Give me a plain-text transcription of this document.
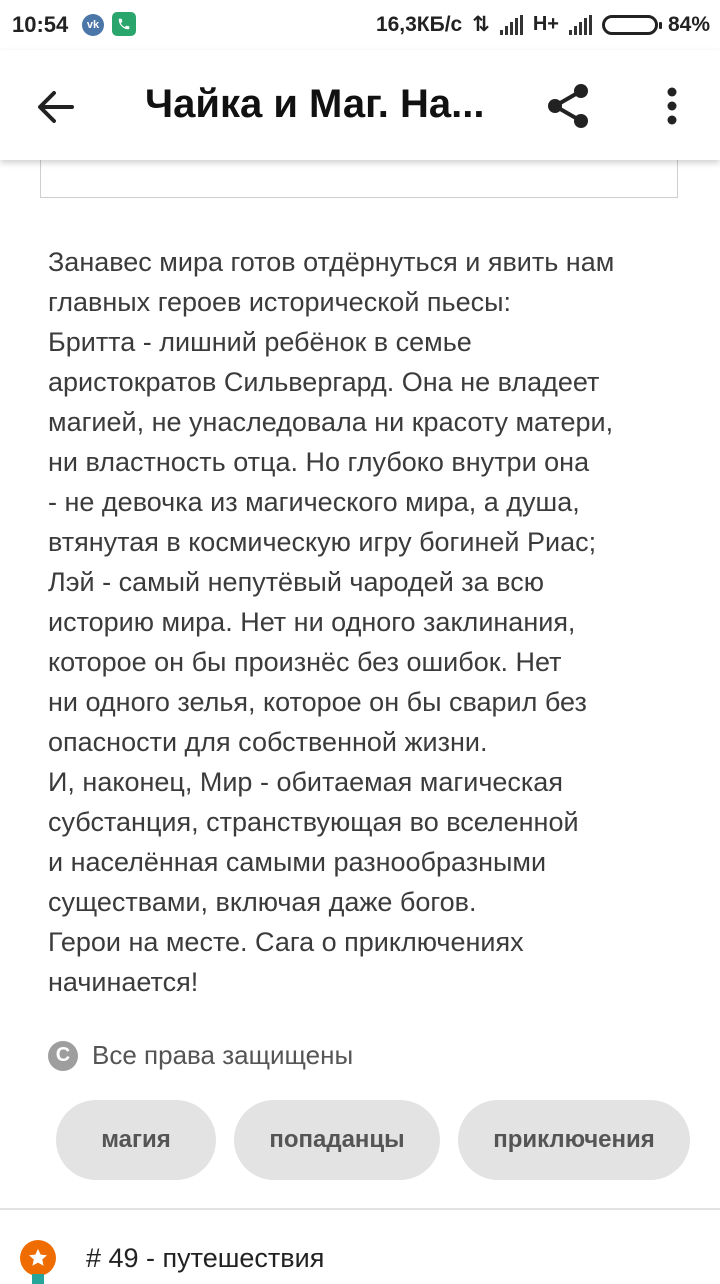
10:54	vk	16,3КБ/с ⇅ H+	84%
Чайка и Маг. На...
Занавес мира готов отдёрнуться и явить нам
главных героев исторической пьесы:
Бритта - лишний ребёнок в семье
аристократов Сильвергард. Она не владеет
магией, не унаследовала ни красоту матери,
ни властность отца. Но глубоко внутри она
- не девочка из магического мира, а душа,
втянутая в космическую игру богиней Риас;
Лэй - самый непутёвый чародей за всю
историю мира. Нет ни одного заклинания,
которое он бы произнёс без ошибок. Нет
ни одного зелья, которое он бы сварил без
опасности для собственной жизни.
И, наконец, Мир - обитаемая магическая
субстанция, странствующая во вселенной
и населённая самыми разнообразными
существами, включая даже богов.
Герои на месте. Сага о приключениях
начинается!
C Все права защищены
магия	попаданцы	приключения
# 49 - путешествия
